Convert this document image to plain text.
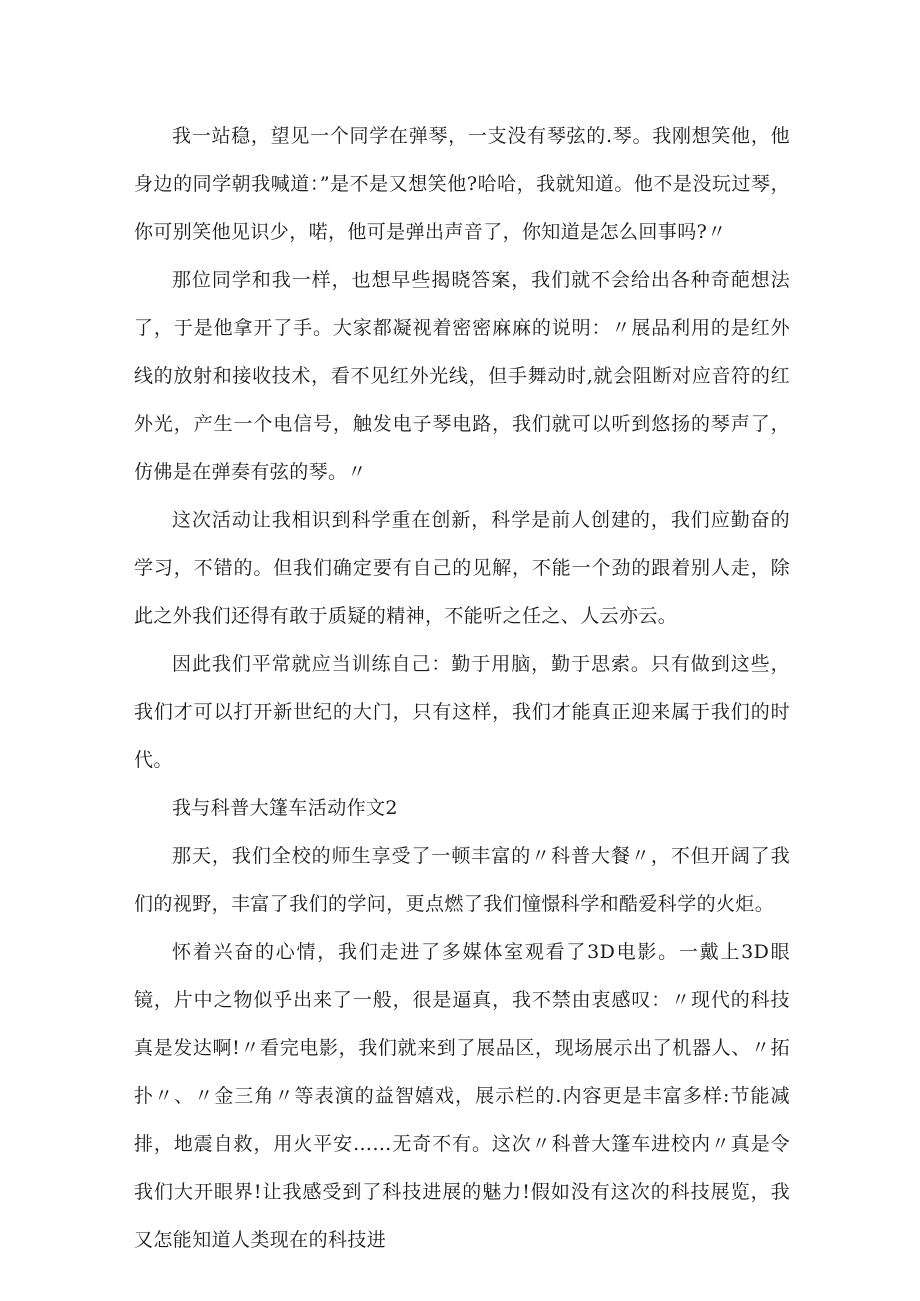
我一站稳，望见一个同学在弹琴，一支没有琴弦的.琴。我刚想笑他，他身边的同学朝我喊道：”是不是又想笑他?哈哈，我就知道。他不是没玩过琴，你可别笑他见识少，喏，他可是弹出声音了，你知道是怎么回事吗?〃

那位同学和我一样，也想早些揭晓答案，我们就不会给出各种奇葩想法了，于是他拿开了手。大家都凝视着密密麻麻的说明：〃展品利用的是红外线的放射和接收技术，看不见红外光线，但手舞动时,就会阻断对应音符的红外光，产生一个电信号，触发电子琴电路，我们就可以听到悠扬的琴声了，仿佛是在弹奏有弦的琴。〃

这次活动让我相识到科学重在创新，科学是前人创建的，我们应勤奋的学习，不错的。但我们确定要有自己的见解，不能一个劲的跟着别人走，除此之外我们还得有敢于质疑的精神，不能听之任之、人云亦云。

因此我们平常就应当训练自己：勤于用脑，勤于思索。只有做到这些，我们才可以打开新世纪的大门，只有这样，我们才能真正迎来属于我们的时代。

我与科普大篷车活动作文2

那天，我们全校的师生享受了一顿丰富的〃科普大餐〃，不但开阔了我们的视野，丰富了我们的学问，更点燃了我们憧憬科学和酷爱科学的火炬。

怀着兴奋的心情，我们走进了多媒体室观看了3D电影。一戴上3D眼镜，片中之物似乎出来了一般，很是逼真，我不禁由衷感叹：〃现代的科技真是发达啊!〃看完电影，我们就来到了展品区，现场展示出了机器人、〃拓扑〃、〃金三角〃等表演的益智嬉戏，展示栏的.内容更是丰富多样:节能减排，地震自救，用火平安……无奇不有。这次〃科普大篷车进校内〃真是令我们大开眼界!让我感受到了科技进展的魅力!假如没有这次的科技展览，我又怎能知道人类现在的科技进
